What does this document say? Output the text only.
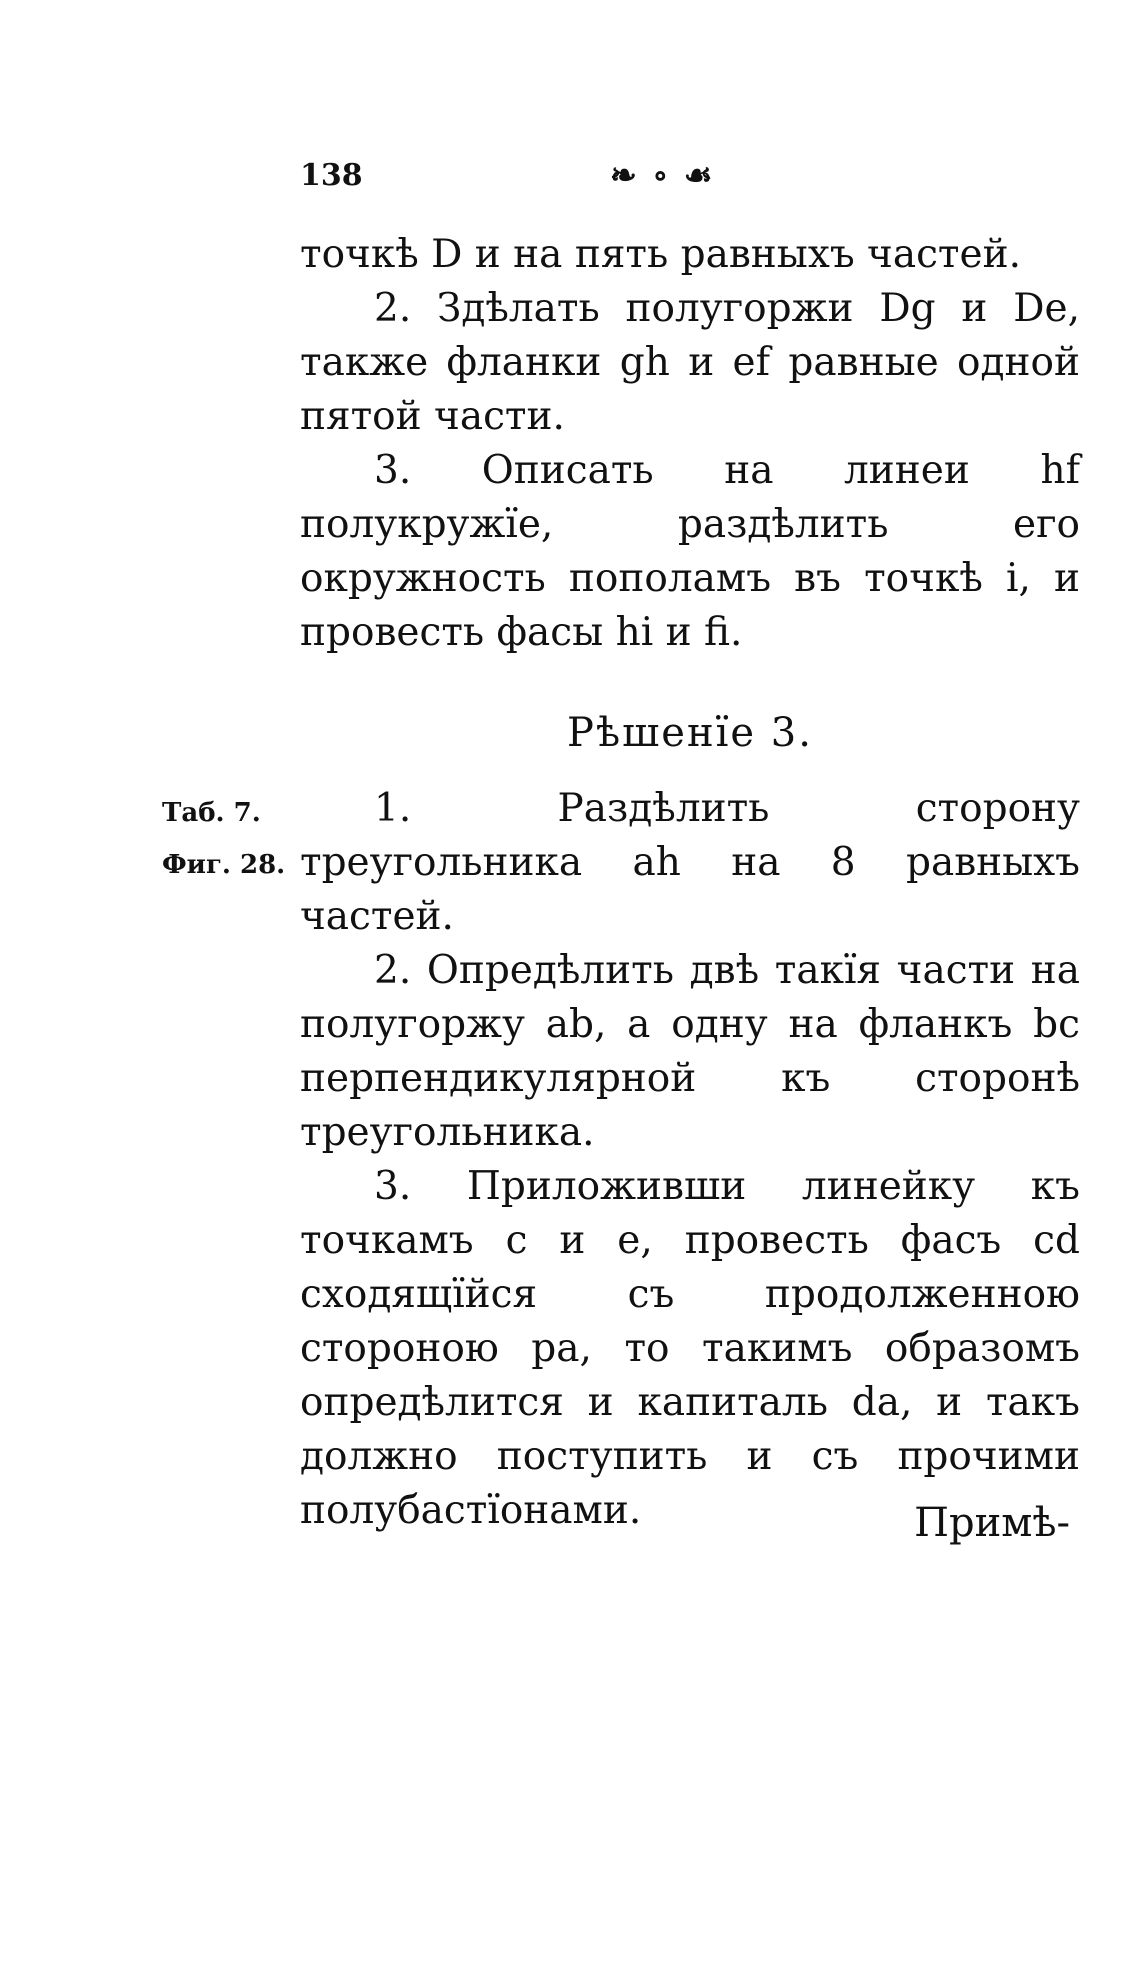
138	❧ ∘ ☙

точкѣ D и на пять равныхъ частей.

2. Здѣлать полугоржи Dg и De, также фланки gh и ef равные одной пятой части.

3. Описать на линеи hf полукружїе, раздѣлить его окружность пополамъ въ точкѣ i, и провесть фасы hi и fi.

Рѣшенїе 3.
Таб. 7.
Фиг. 28.

1. Раздѣлить сторону треугольника ah на 8 равныхъ частей.

2. Опредѣлить двѣ такїя части на полугоржу ab, а одну на фланкъ bc перпендикулярной къ сторонѣ треугольника.

3. Приложивши линейку къ точкамъ c и e, провесть фасъ cd сходящїйся съ продолженною стороною pa, то такимъ образомъ опредѣлится и капиталь da, и такъ должно поступить и съ прочими полубастїонами.	Примѣ-
